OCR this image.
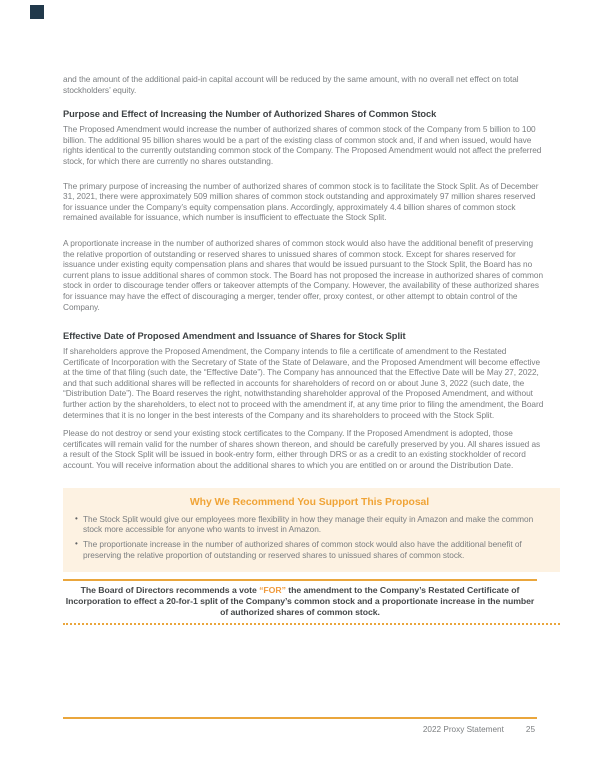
and the amount of the additional paid-in capital account will be reduced by the same amount, with no overall net effect on total stockholders’ equity.

Purpose and Effect of Increasing the Number of Authorized Shares of Common Stock

The Proposed Amendment would increase the number of authorized shares of common stock of the Company from 5 billion to 100 billion. The additional 95 billion shares would be a part of the existing class of common stock and, if and when issued, would have rights identical to the currently outstanding common stock of the Company. The Proposed Amendment would not affect the preferred stock, for which there are currently no shares outstanding.

The primary purpose of increasing the number of authorized shares of common stock is to facilitate the Stock Split. As of December 31, 2021, there were approximately 509 million shares of common stock outstanding and approximately 97 million shares reserved for issuance under the Company’s equity compensation plans. Accordingly, approximately 4.4 billion shares of common stock remained available for issuance, which number is insufficient to effectuate the Stock Split.

A proportionate increase in the number of authorized shares of common stock would also have the additional benefit of preserving the relative proportion of outstanding or reserved shares to unissued shares of common stock. Except for shares reserved for issuance under existing equity compensation plans and shares that would be issued pursuant to the Stock Split, the Board has no current plans to issue additional shares of common stock. The Board has not proposed the increase in authorized shares of common stock in order to discourage tender offers or takeover attempts of the Company. However, the availability of these authorized shares for issuance may have the effect of discouraging a merger, tender offer, proxy contest, or other attempt to obtain control of the Company.

Effective Date of Proposed Amendment and Issuance of Shares for Stock Split

If shareholders approve the Proposed Amendment, the Company intends to file a certificate of amendment to the Restated Certificate of Incorporation with the Secretary of State of the State of Delaware, and the Proposed Amendment will become effective at the time of that filing (such date, the “Effective Date”). The Company has announced that the Effective Date will be May 27, 2022, and that such additional shares will be reflected in accounts for shareholders of record on or about June 3, 2022 (such date, the “Distribution Date”). The Board reserves the right, notwithstanding shareholder approval of the Proposed Amendment, and without further action by the shareholders, to elect not to proceed with the amendment if, at any time prior to filing the amendment, the Board determines that it is no longer in the best interests of the Company and its shareholders to proceed with the Stock Split.

Please do not destroy or send your existing stock certificates to the Company. If the Proposed Amendment is adopted, those certificates will remain valid for the number of shares shown thereon, and should be carefully preserved by you. All shares issued as a result of the Stock Split will be issued in book-entry form, either through DRS or as a credit to an existing stockholder of record account. You will receive information about the additional shares to which you are entitled on or around the Distribution Date.

Why We Recommend You Support This Proposal
• The Stock Split would give our employees more flexibility in how they manage their equity in Amazon and make the common stock more accessible for anyone who wants to invest in Amazon.
• The proportionate increase in the number of authorized shares of common stock would also have the additional benefit of preserving the relative proportion of outstanding or reserved shares to unissued shares of common stock.

The Board of Directors recommends a vote “FOR” the amendment to the Company’s Restated Certificate of Incorporation to effect a 20-for-1 split of the Company’s common stock and a proportionate increase in the number of authorized shares of common stock.

2022 Proxy Statement	25
